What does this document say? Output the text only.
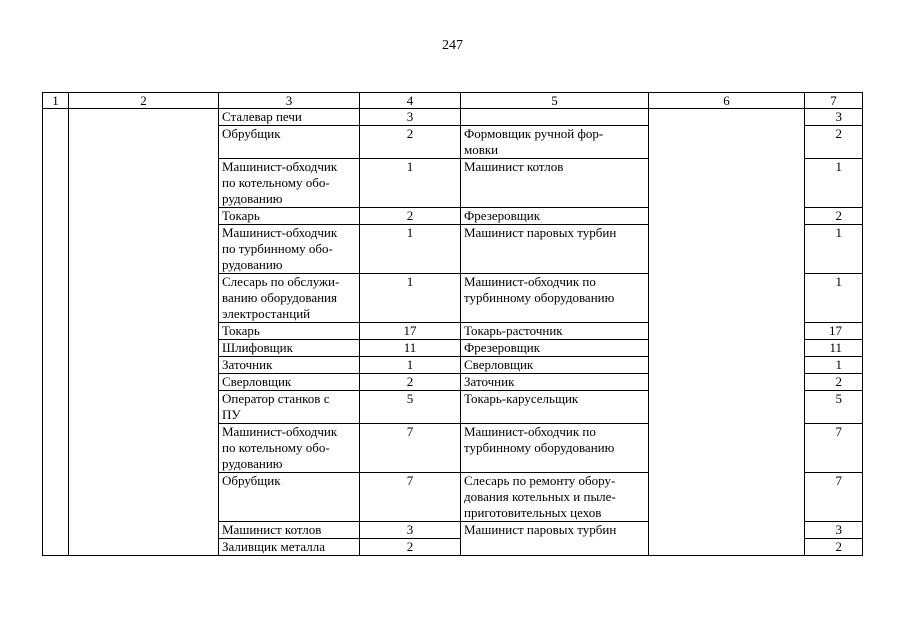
247
1	2	3	4	5	6	7
		Сталевар печи	3			3
		Обрубщик	2	Формовщик ручной фор-
мовки		2
		Машинист-обходчик
по котельному обо-
рудованию	1	Машинист котлов		1
		Токарь	2	Фрезеровщик		2
		Машинист-обходчик
по турбинному обо-
рудованию	1	Машинист паровых турбин		1
		Слесарь по обслужи-
ванию оборудования
электростанций	1	Машинист-обходчик по
турбинному оборудованию		1
		Токарь	17	Токарь-расточник		17
		Шлифовщик	11	Фрезеровщик		11
		Заточник	1	Сверловщик		1
		Сверловщик	2	Заточник		2
		Оператор станков с
ПУ	5	Токарь-карусельщик		5
		Машинист-обходчик
по котельному обо-
рудованию	7	Машинист-обходчик по
турбинному оборудованию		7
		Обрубщик	7	Слесарь по ремонту обору-
дования котельных и пыле-
приготовительных цехов		7
		Машинист котлов	3	Машинист паровых турбин		3
		Заливщик металла	2			2
